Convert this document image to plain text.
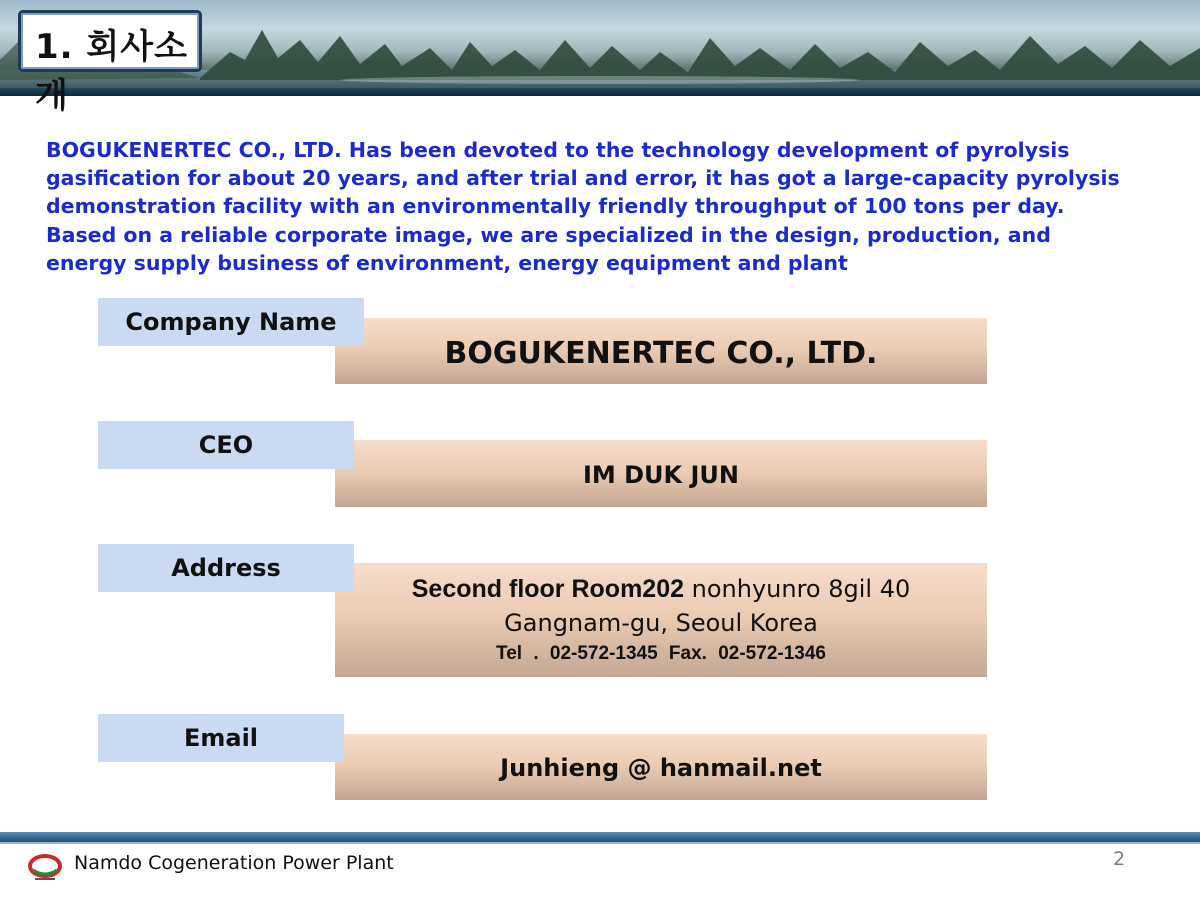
1. 회사소개
BOGUKENERTEC CO., LTD. Has been devoted to the technology development of pyrolysis gasification for about 20 years, and after trial and error, it has got a large-capacity pyrolysis demonstration facility with an environmentally friendly throughput of 100 tons per day. Based on a reliable corporate image, we are specialized in the design, production, and energy supply business of environment, energy equipment and plant
Company Name
BOGUKENERTEC CO., LTD.
CEO
IM DUK JUN
Address
Second floor Room202 nonhyunro 8gil 40
Gangnam-gu, Seoul Korea
Tel . 02-572-1345 Fax. 02-572-1346
Email
Junhieng @ hanmail.net
Namdo Cogeneration Power Plant	2
